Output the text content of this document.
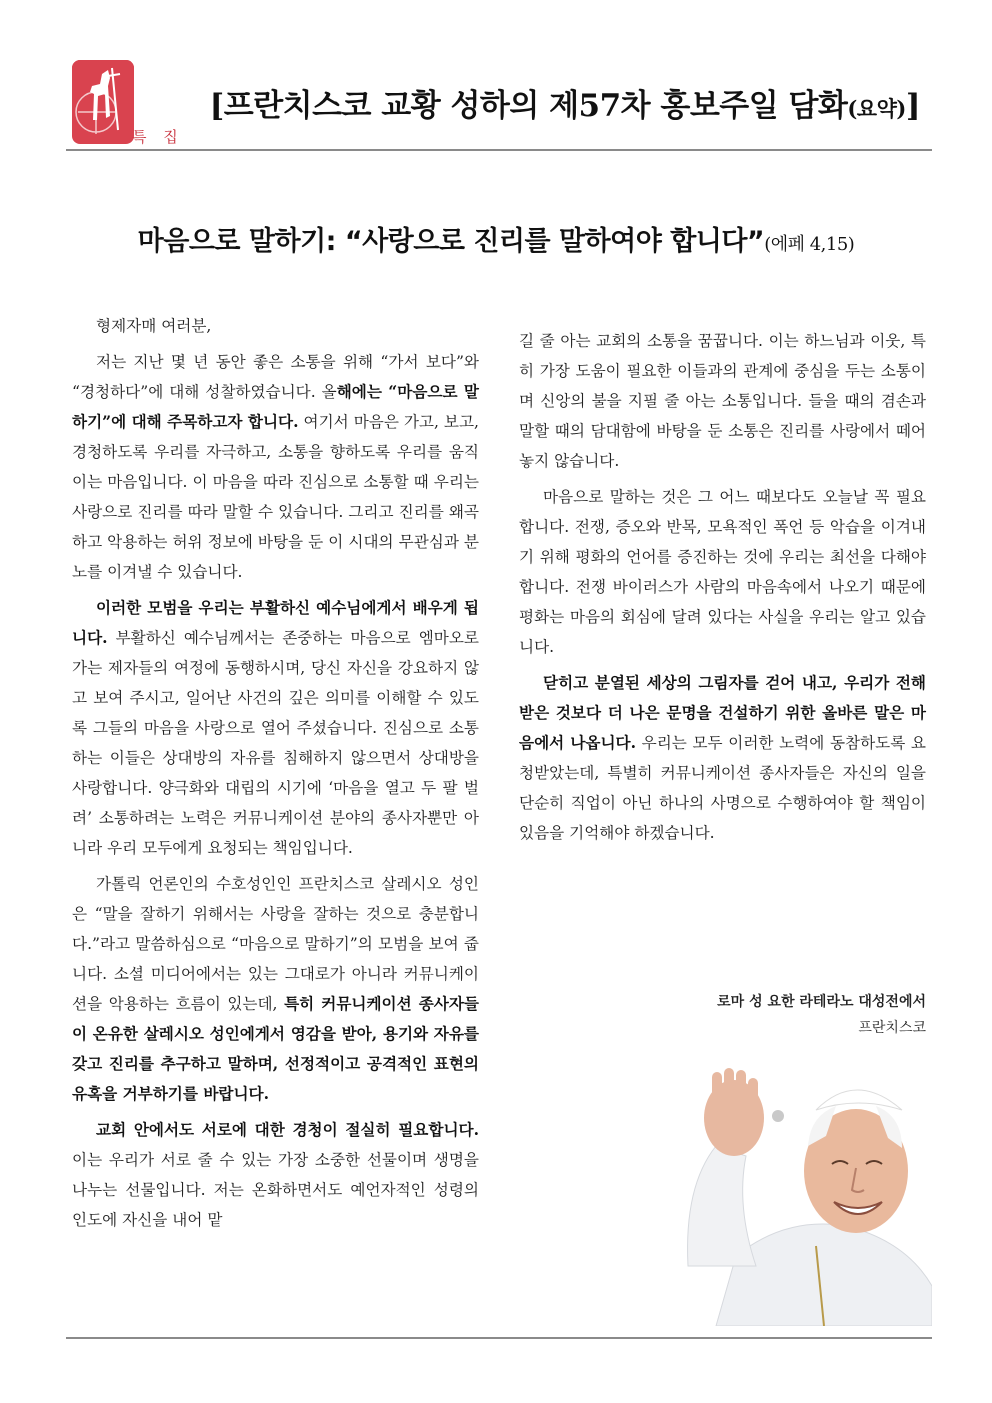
특 집
[프란치스코 교황 성하의 제57차 홍보주일 담화(요약)]
마음으로 말하기: “사랑으로 진리를 말하여야 합니다”(에페 4,15)

형제자매 여러분,

저는 지난 몇 년 동안 좋은 소통을 위해 “가서 보다”와 “경청하다”에 대해 성찰하였습니다. 올해에는 “마음으로 말하기”에 대해 주목하고자 합니다. 여기서 마음은 가고, 보고, 경청하도록 우리를 자극하고, 소통을 향하도록 우리를 움직이는 마음입니다. 이 마음을 따라 진심으로 소통할 때 우리는 사랑으로 진리를 따라 말할 수 있습니다. 그리고 진리를 왜곡하고 악용하는 허위 정보에 바탕을 둔 이 시대의 무관심과 분노를 이겨낼 수 있습니다.

이러한 모범을 우리는 부활하신 예수님에게서 배우게 됩니다. 부활하신 예수님께서는 존중하는 마음으로 엠마오로 가는 제자들의 여정에 동행하시며, 당신 자신을 강요하지 않고 보여 주시고, 일어난 사건의 깊은 의미를 이해할 수 있도록 그들의 마음을 사랑으로 열어 주셨습니다. 진심으로 소통하는 이들은 상대방의 자유를 침해하지 않으면서 상대방을 사랑합니다. 양극화와 대립의 시기에 ‘마음을 열고 두 팔 벌려’ 소통하려는 노력은 커뮤니케이션 분야의 종사자뿐만 아니라 우리 모두에게 요청되는 책임입니다.

가톨릭 언론인의 수호성인인 프란치스코 살레시오 성인은 “말을 잘하기 위해서는 사랑을 잘하는 것으로 충분합니다.”라고 말씀하심으로 “마음으로 말하기”의 모범을 보여 줍니다. 소셜 미디어에서는 있는 그대로가 아니라 커뮤니케이션을 악용하는 흐름이 있는데, 특히 커뮤니케이션 종사자들이 온유한 살레시오 성인에게서 영감을 받아, 용기와 자유를 갖고 진리를 추구하고 말하며, 선정적이고 공격적인 표현의 유혹을 거부하기를 바랍니다.

교회 안에서도 서로에 대한 경청이 절실히 필요합니다. 이는 우리가 서로 줄 수 있는 가장 소중한 선물이며 생명을 나누는 선물입니다. 저는 온화하면서도 예언자적인 성령의 인도에 자신을 내어 맡

길 줄 아는 교회의 소통을 꿈꿉니다. 이는 하느님과 이웃, 특히 가장 도움이 필요한 이들과의 관계에 중심을 두는 소통이며 신앙의 불을 지필 줄 아는 소통입니다. 들을 때의 겸손과 말할 때의 담대함에 바탕을 둔 소통은 진리를 사랑에서 떼어 놓지 않습니다.

마음으로 말하는 것은 그 어느 때보다도 오늘날 꼭 필요합니다. 전쟁, 증오와 반목, 모욕적인 폭언 등 악습을 이겨내기 위해 평화의 언어를 증진하는 것에 우리는 최선을 다해야 합니다. 전쟁 바이러스가 사람의 마음속에서 나오기 때문에 평화는 마음의 회심에 달려 있다는 사실을 우리는 알고 있습니다.

닫히고 분열된 세상의 그림자를 걷어 내고, 우리가 전해 받은 것보다 더 나은 문명을 건설하기 위한 올바른 말은 마음에서 나옵니다. 우리는 모두 이러한 노력에 동참하도록 요청받았는데, 특별히 커뮤니케이션 종사자들은 자신의 일을 단순히 직업이 아닌 하나의 사명으로 수행하여야 할 책임이 있음을 기억해야 하겠습니다.

로마 성 요한 라테라노 대성전에서
프란치스코
